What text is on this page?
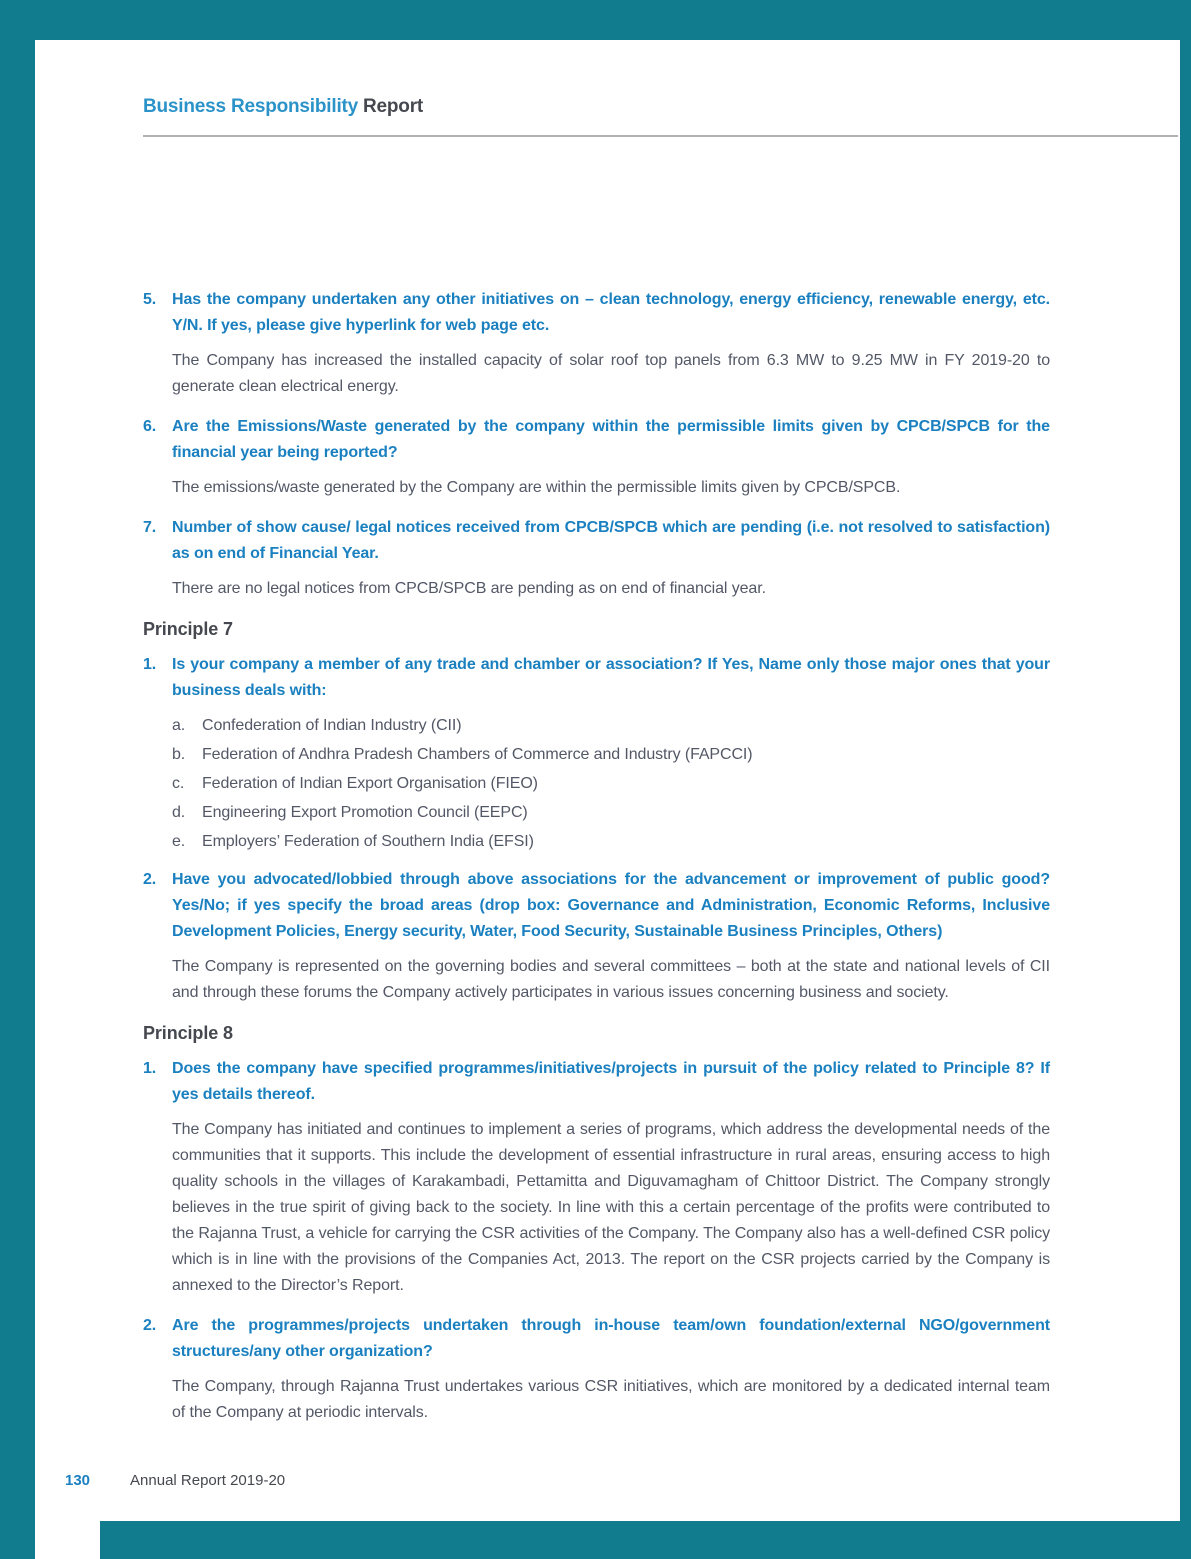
Business Responsibility Report
5. Has the company undertaken any other initiatives on – clean technology, energy efficiency, renewable energy, etc. Y/N. If yes, please give hyperlink for web page etc.

The Company has increased the installed capacity of solar roof top panels from 6.3 MW to 9.25 MW in FY 2019-20 to generate clean electrical energy.

6. Are the Emissions/Waste generated by the company within the permissible limits given by CPCB/SPCB for the financial year being reported?

The emissions/waste generated by the Company are within the permissible limits given by CPCB/SPCB.

7. Number of show cause/ legal notices received from CPCB/SPCB which are pending (i.e. not resolved to satisfaction) as on end of Financial Year.

There are no legal notices from CPCB/SPCB are pending as on end of financial year.

Principle 7
1. Is your company a member of any trade and chamber or association? If Yes, Name only those major ones that your business deals with:
a.	Confederation of Indian Industry (CII)
b.	Federation of Andhra Pradesh Chambers of Commerce and Industry (FAPCCI)
c.	Federation of Indian Export Organisation (FIEO)
d.	Engineering Export Promotion Council (EEPC)
e.	Employers’ Federation of Southern India (EFSI)
2. Have you advocated/lobbied through above associations for the advancement or improvement of public good? Yes/No; if yes specify the broad areas (drop box: Governance and Administration, Economic Reforms, Inclusive Development Policies, Energy security, Water, Food Security, Sustainable Business Principles, Others)

The Company is represented on the governing bodies and several committees – both at the state and national levels of CII and through these forums the Company actively participates in various issues concerning business and society.

Principle 8
1. Does the company have specified programmes/initiatives/projects in pursuit of the policy related to Principle 8? If yes details thereof.

The Company has initiated and continues to implement a series of programs, which address the developmental needs of the communities that it supports. This include the development of essential infrastructure in rural areas, ensuring access to high quality schools in the villages of Karakambadi, Pettamitta and Diguvamagham of Chittoor District. The Company strongly believes in the true spirit of giving back to the society. In line with this a certain percentage of the profits were contributed to the Rajanna Trust, a vehicle for carrying the CSR activities of the Company. The Company also has a well-defined CSR policy which is in line with the provisions of the Companies Act, 2013. The report on the CSR projects carried by the Company is annexed to the Director’s Report.

2. Are the programmes/projects undertaken through in-house team/own foundation/external NGO/government structures/any other organization?

The Company, through Rajanna Trust undertakes various CSR initiatives, which are monitored by a dedicated internal team of the Company at periodic intervals.

130	Annual Report 2019-20
